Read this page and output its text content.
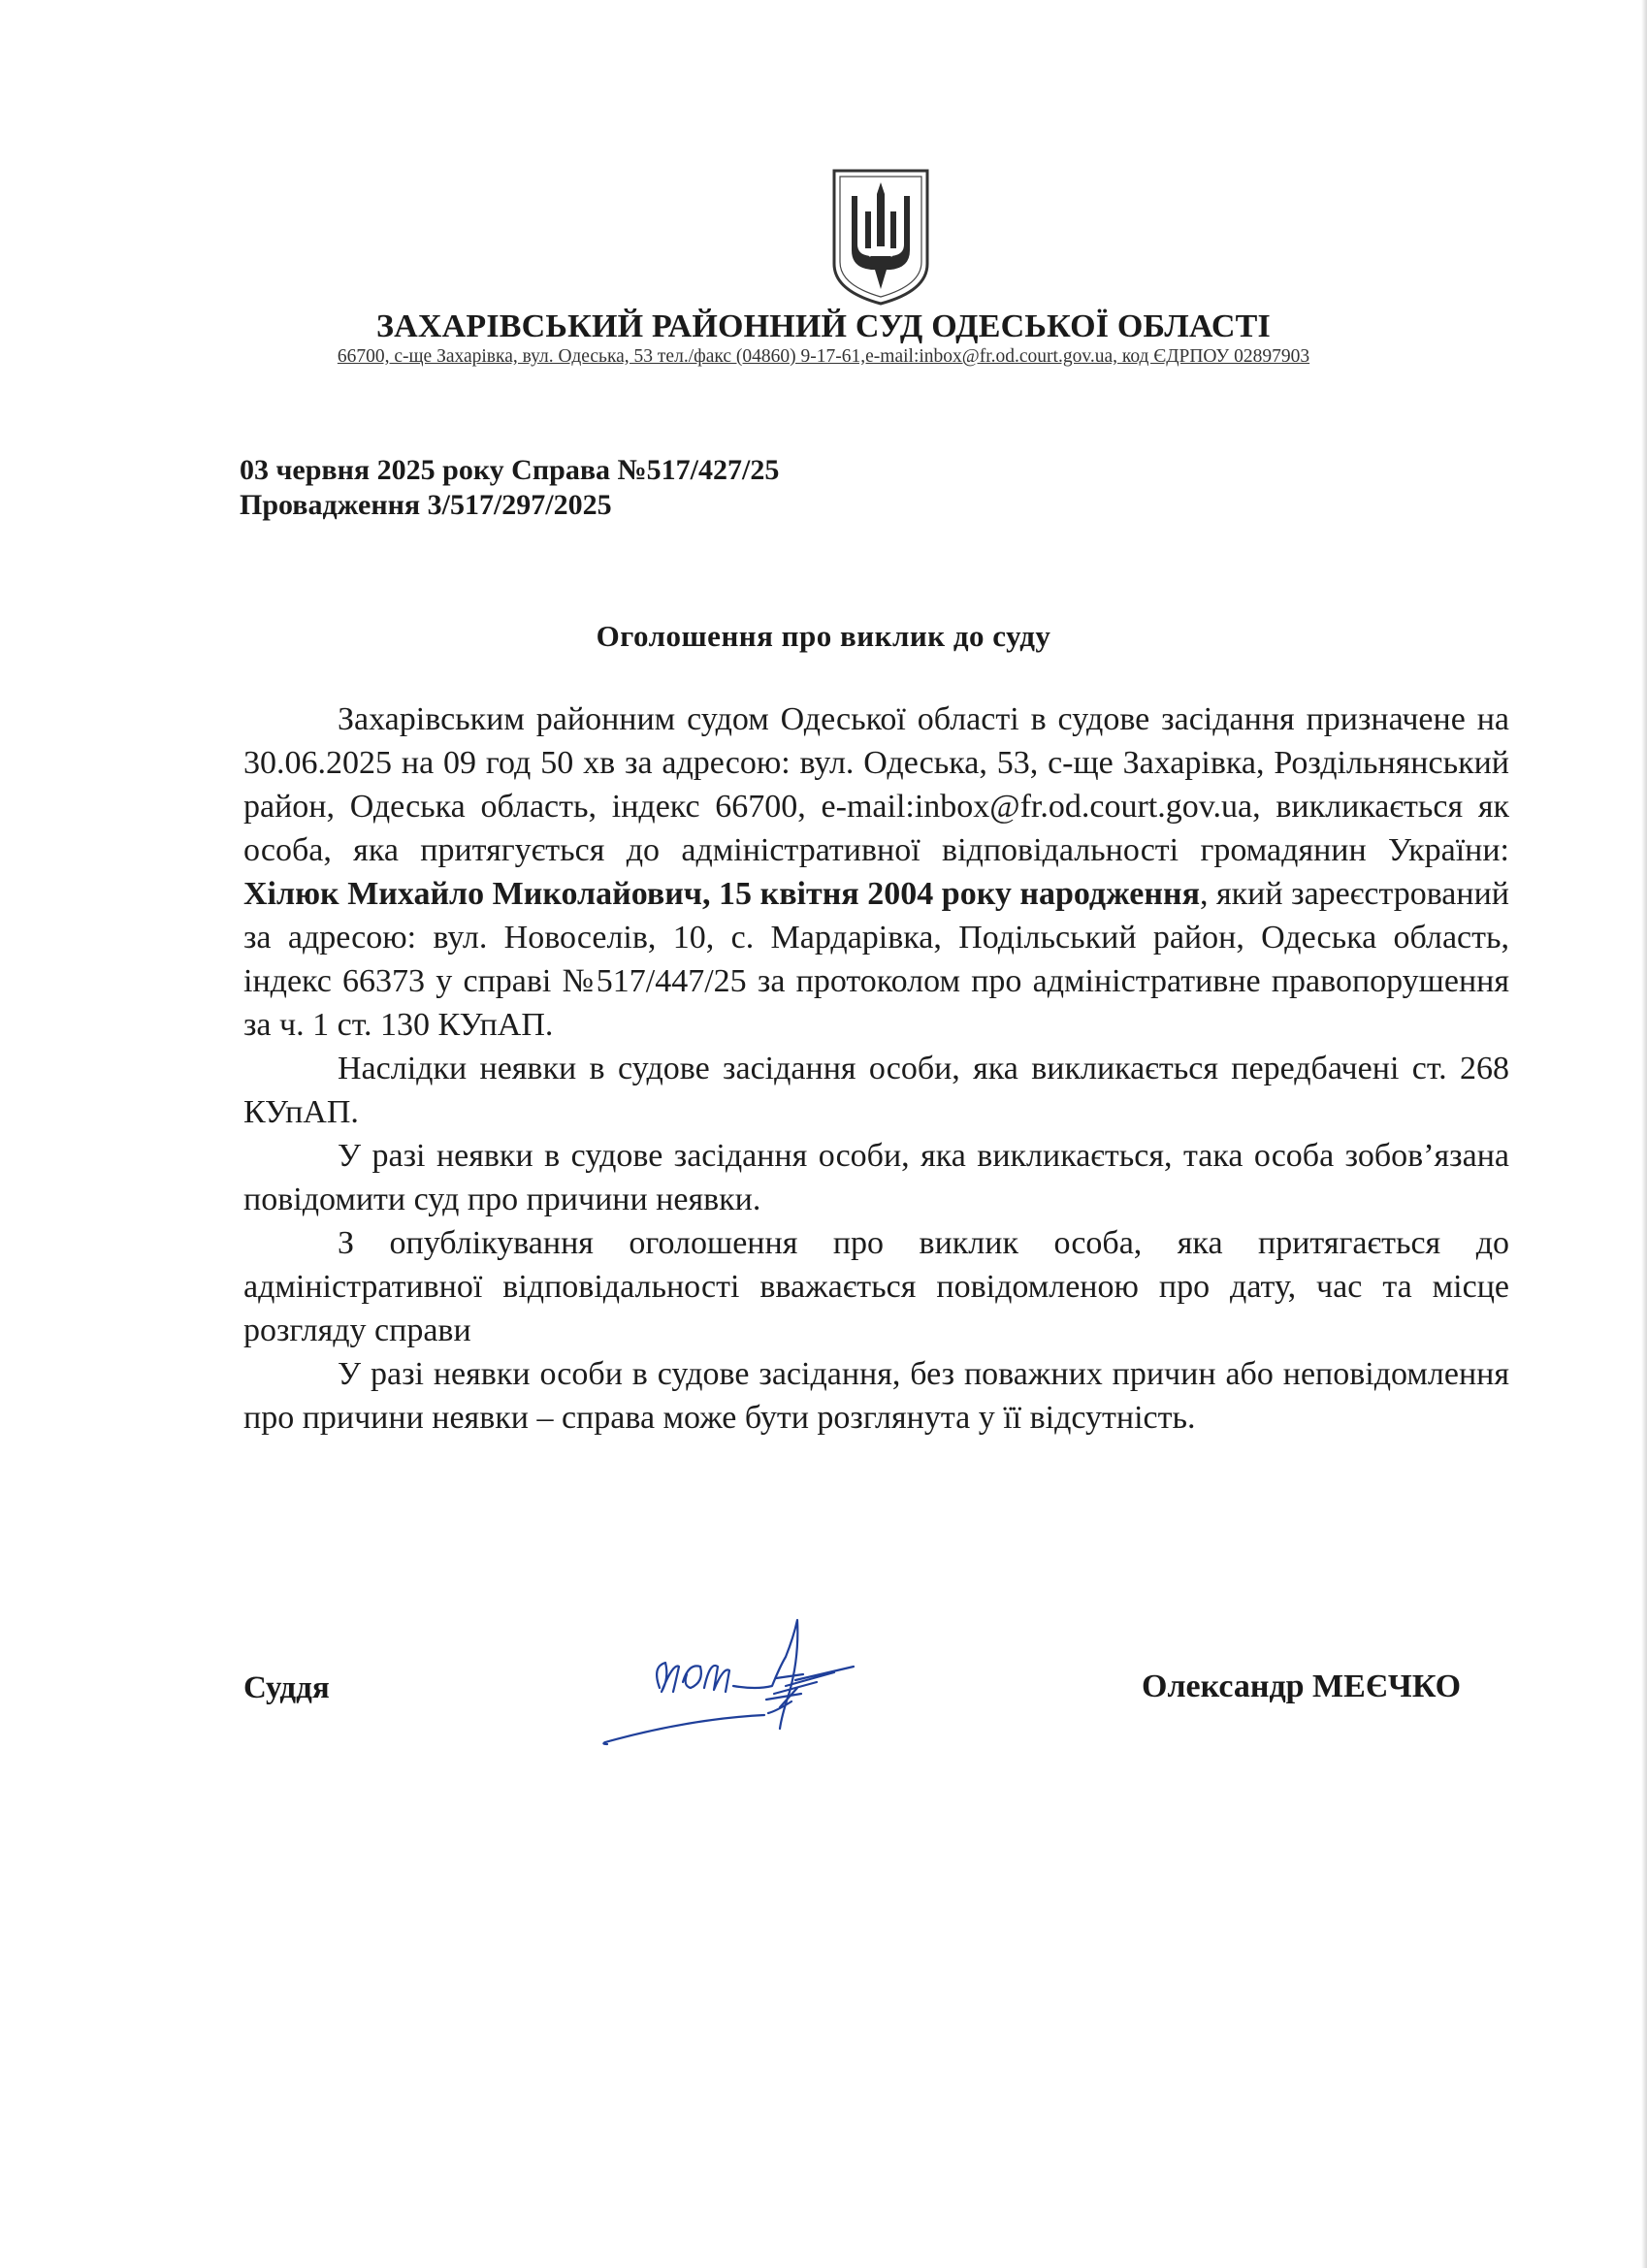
ЗАХАРІВСЬКИЙ РАЙОННИЙ СУД ОДЕСЬКОЇ ОБЛАСТІ
66700, с-ще Захарівка, вул. Одеська, 53 тел./факс (04860) 9-17-61,e-mail:inbox@fr.od.court.gov.ua, код ЄДРПОУ 02897903
03 червня 2025 року Справа №517/427/25
Провадження 3/517/297/2025
Оголошення про виклик до суду

Захарівським районним судом Одеської області в судове засідання призначене на 30.06.2025 на 09 год 50 хв за адресою: вул. Одеська, 53, с-ще Захарівка, Роздільнянський район, Одеська область, індекс 66700, e-mail:inbox@fr.od.court.gov.ua, викликається як особа, яка притягується до адміністративної відповідальності громадянин України: Хілюк Михайло Миколайович, 15 квітня 2004 року народження, який зареєстрований за адресою: вул. Новоселів, 10, с. Мардарівка, Подільський район, Одеська область, індекс 66373 у справі №517/447/25 за протоколом про адміністративне правопорушення за ч. 1 ст. 130 КУпАП.

Наслідки неявки в судове засідання особи, яка викликається передбачені ст. 268 КУпАП.

У разі неявки в судове засідання особи, яка викликається, така особа зобов’язана повідомити суд про причини неявки.

З опублікування оголошення про виклик особа, яка притягається до адміністративної відповідальності вважається повідомленою про дату, час та місце розгляду справи

У разі неявки особи в судове засідання, без поважних причин або неповідомлення про причини неявки – справа може бути розглянута у її відсутність.

Суддя	Олександр МЕЄЧКО
